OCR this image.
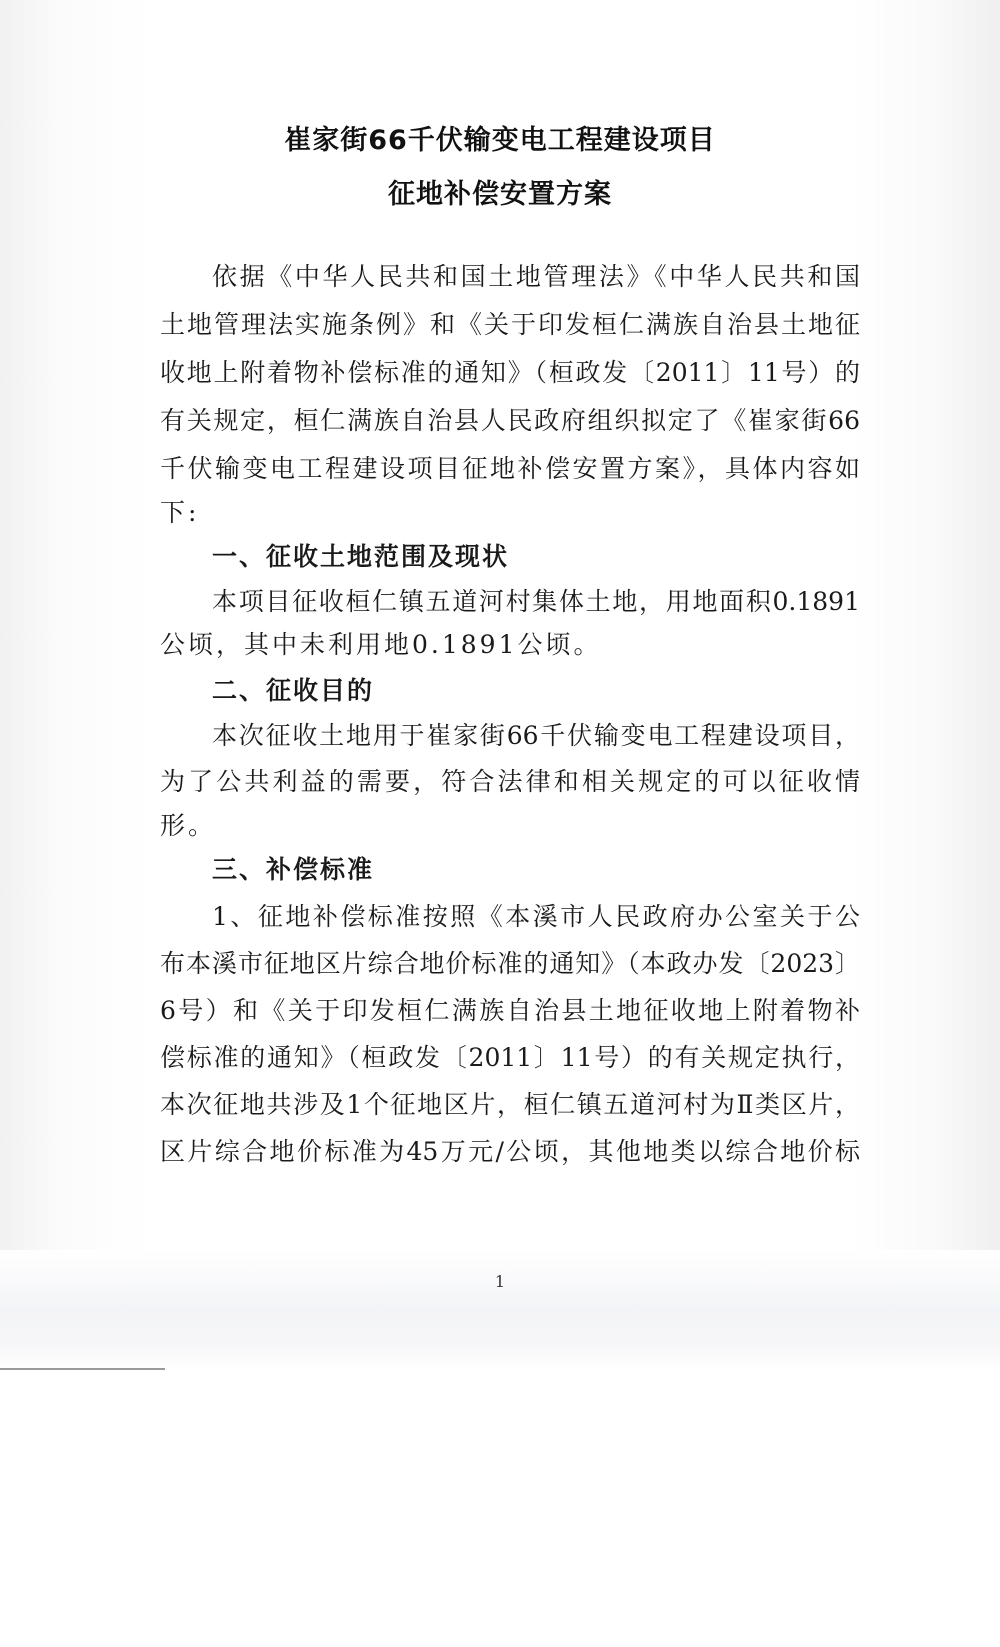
崔家街66千伏输变电工程建设项目
征地补偿安置方案
依据《中华人民共和国土地管理法》《中华人民共和国
土地管理法实施条例》和《关于印发桓仁满族自治县土地征
收地上附着物补偿标准的通知》（桓政发〔2011〕11号）的
有关规定，桓仁满族自治县人民政府组织拟定了《崔家街66
千伏输变电工程建设项目征地补偿安置方案》，具体内容如
下:
一、征收土地范围及现状
本项目征收桓仁镇五道河村集体土地，用地面积0.1891
公顷，其中未利用地0.1891公顷。
二、征收目的
本次征收土地用于崔家街66千伏输变电工程建设项目，
为了公共利益的需要，符合法律和相关规定的可以征收情
形。
三、补偿标准
1、征地补偿标准按照《本溪市人民政府办公室关于公
布本溪市征地区片综合地价标准的通知》（本政办发〔2023〕
6号）和《关于印发桓仁满族自治县土地征收地上附着物补
偿标准的通知》（桓政发〔2011〕11号）的有关规定执行，
本次征地共涉及1个征地区片，桓仁镇五道河村为Ⅱ类区片，
区片综合地价标准为45万元/公顷，其他地类以综合地价标
1
